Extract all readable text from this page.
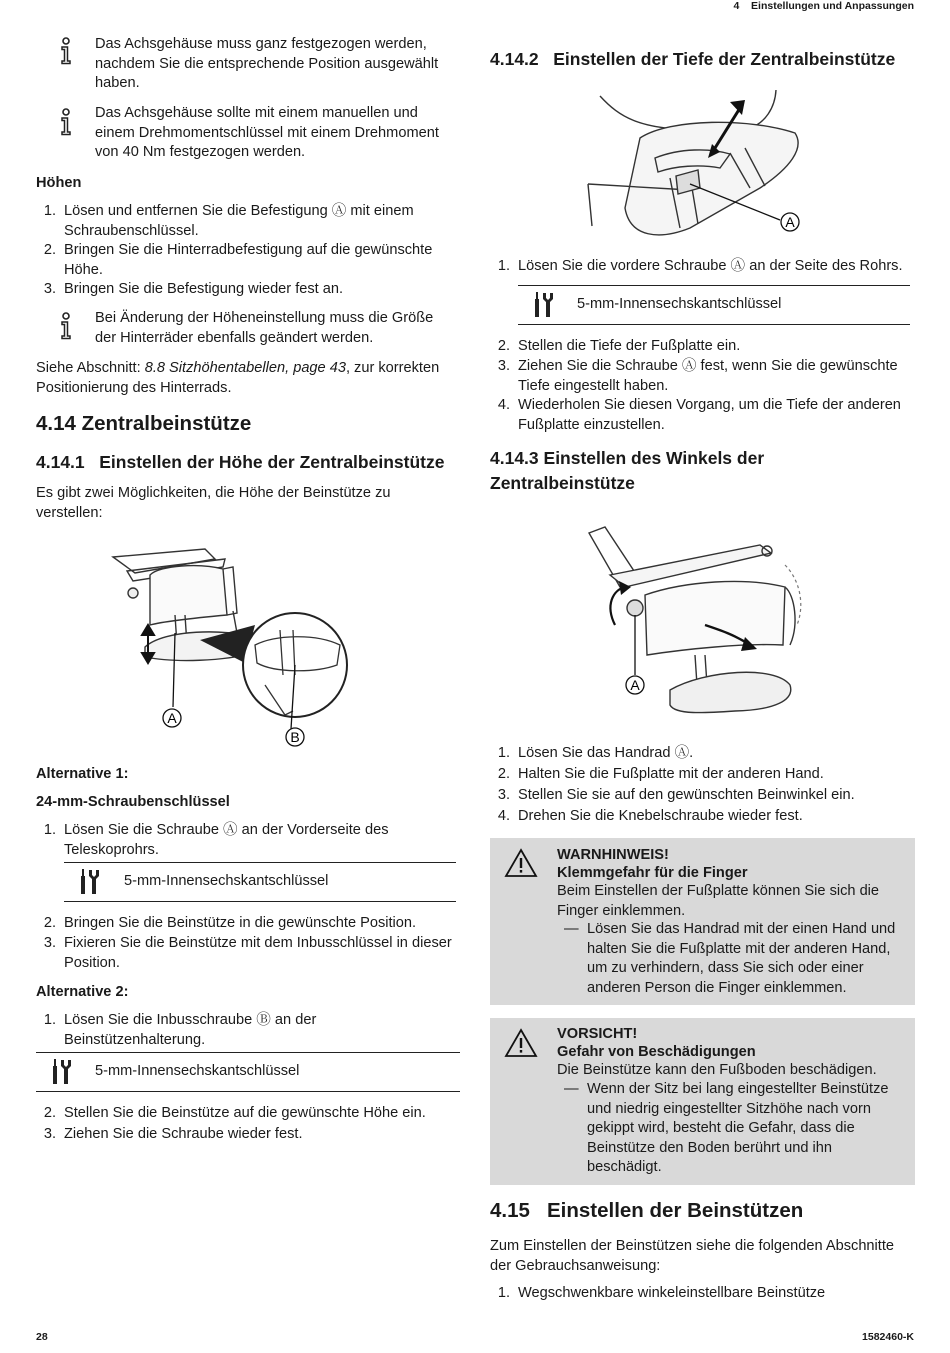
4 Einstellungen und Anpassungen
Das Achsgehäuse muss ganz festgezogen werden, nachdem Sie die entsprechende Position ausgewählt haben.
Das Achsgehäuse sollte mit einem manuellen und einem Drehmomentschlüssel mit einem Drehmoment von 40 Nm festgezogen werden.
Höhen
1. Lösen und entfernen Sie die Befestigung Ⓐ mit einem Schraubenschlüssel.
2. Bringen Sie die Hinterradbefestigung auf die gewünschte Höhe.
3. Bringen Sie die Befestigung wieder fest an.
Bei Änderung der Höheneinstellung muss die Größe der Hinterräder ebenfalls geändert werden.
Siehe Abschnitt: 8.8 Sitzhöhentabellen, page 43, zur korrekten Positionierung des Hinterrads.
4.14 Zentralbeinstütze
4.14.1   Einstellen der Höhe der Zentralbeinstütze
Es gibt zwei Möglichkeiten, die Höhe der Beinstütze zu verstellen:
A
B
Alternative 1:
24-mm-Schraubenschlüssel
1. Lösen Sie die Schraube Ⓐ an der Vorderseite des Teleskoprohrs.
5-mm-Innensechskantschlüssel
2. Bringen Sie die Beinstütze in die gewünschte Position.
3. Fixieren Sie die Beinstütze mit dem Inbusschlüssel in dieser Position.
Alternative 2:
1. Lösen Sie die Inbusschraube Ⓑ an der Beinstützenhalterung.
5-mm-Innensechskantschlüssel
2. Stellen Sie die Beinstütze auf die gewünschte Höhe ein.
3. Ziehen Sie die Schraube wieder fest.
4.14.2   Einstellen der Tiefe der Zentralbeinstütze
A
1. Lösen Sie die vordere Schraube Ⓐ an der Seite des Rohrs.
5-mm-Innensechskantschlüssel
2. Stellen die Tiefe der Fußplatte ein.
3. Ziehen Sie die Schraube Ⓐ fest, wenn Sie die gewünschte Tiefe eingestellt haben.
4. Wiederholen Sie diesen Vorgang, um die Tiefe der anderen Fußplatte einzustellen.
4.14.3 Einstellen des Winkels der Zentralbeinstütze
A
1. Lösen Sie das Handrad Ⓐ.
2. Halten Sie die Fußplatte mit der anderen Hand.
3. Stellen Sie sie auf den gewünschten Beinwinkel ein.
4. Drehen Sie die Knebelschraube wieder fest.
WARNHINWEIS!
Klemmgefahr für die Finger
Beim Einstellen der Fußplatte können Sie sich die Finger einklemmen.
— Lösen Sie das Handrad mit der einen Hand und halten Sie die Fußplatte mit der anderen Hand, um zu verhindern, dass Sie sich oder einer anderen Person die Finger einklemmen.
VORSICHT!
Gefahr von Beschädigungen
Die Beinstütze kann den Fußboden beschädigen.
— Wenn der Sitz bei lang eingestellter Beinstütze und niedrig eingestellter Sitzhöhe nach vorn gekippt wird, besteht die Gefahr, dass die Beinstütze den Boden berührt und ihn beschädigt.
4.15   Einstellen der Beinstützen
Zum Einstellen der Beinstützen siehe die folgenden Abschnitte der Gebrauchsanweisung:
1. Wegschwenkbare winkeleinstellbare Beinstütze
28	1582460-K
